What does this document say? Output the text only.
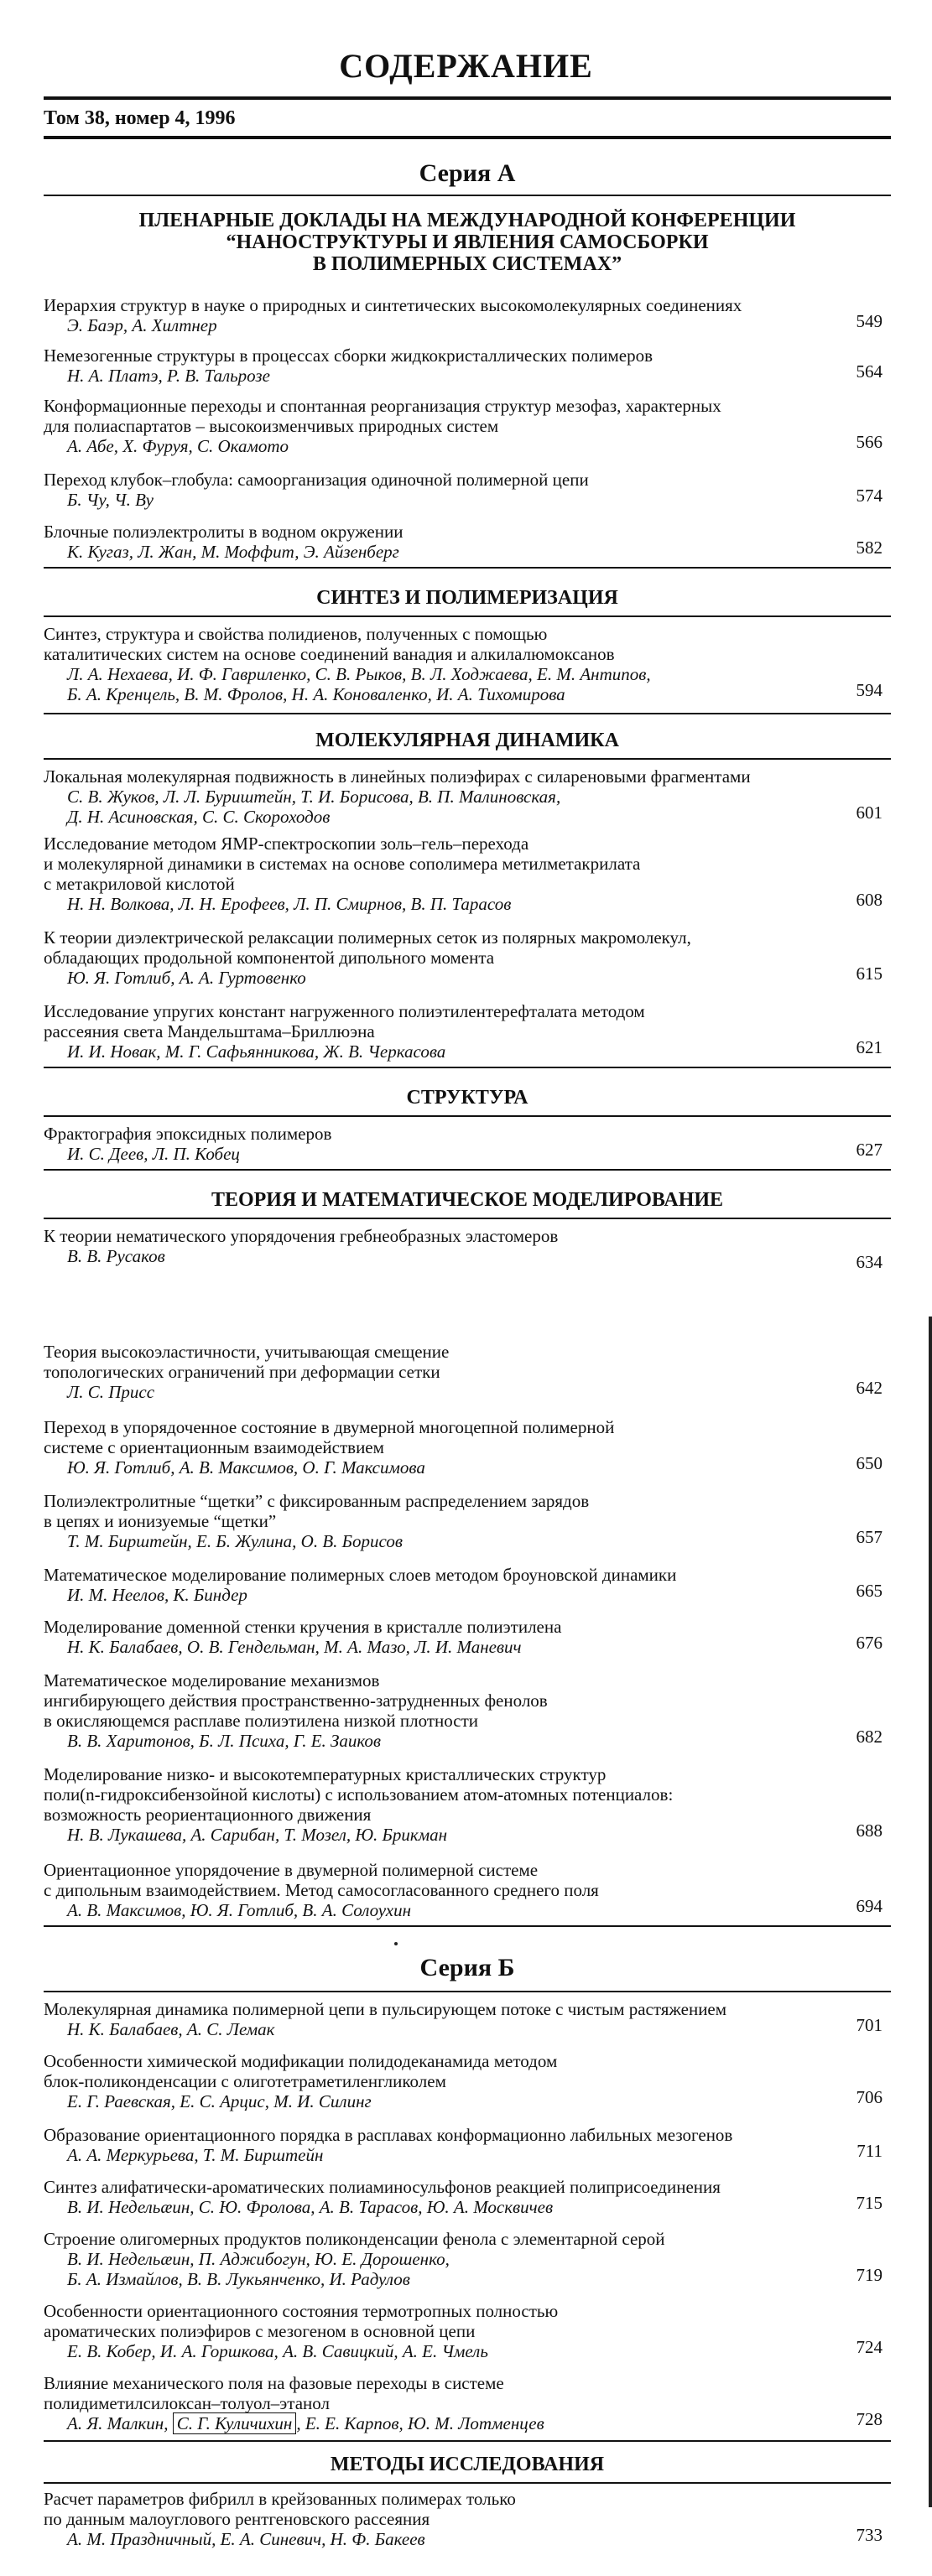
СОДЕРЖАНИЕ
Том 38, номер 4, 1996
Серия А
ПЛЕНАРНЫЕ ДОКЛАДЫ НА МЕЖДУНАРОДНОЙ КОНФЕРЕНЦИИ
“НАНОСТРУКТУРЫ И ЯВЛЕНИЯ САМОСБОРКИ
В ПОЛИМЕРНЫХ СИСТЕМАХ”
Иерархия структур в науке о природных и синтетических высокомолекулярных соединениях
Э. Баэр, А. Хилтнер	549
Немезогенные структуры в процессах сборки жидкокристаллических полимеров
Н. А. Платэ, Р. В. Тальрозе	564
Конформационные переходы и спонтанная реорганизация структур мезофаз, характерных
для полиаспартатов – высокоизменчивых природных систем
А. Абе, Х. Фуруя, С. Окамото	566
Переход клубок–глобула: самоорганизация одиночной полимерной цепи
Б. Чу, Ч. Ву	574
Блочные полиэлектролиты в водном окружении
К. Кугаз, Л. Жан, М. Моффит, Э. Айзенберг	582
СИНТЕЗ И ПОЛИМЕРИЗАЦИЯ
Синтез, структура и свойства полидиенов, полученных с помощью
каталитических систем на основе соединений ванадия и алкилалюмоксанов
Л. А. Нехаева, И. Ф. Гавриленко, С. В. Рыков, В. Л. Ходжаева, Е. М. Антипов,
Б. А. Кренцель, В. М. Фролов, Н. А. Коноваленко, И. А. Тихомирова	594
МОЛЕКУЛЯРНАЯ ДИНАМИКА
Локальная молекулярная подвижность в линейных полиэфирах с силареновыми фрагментами
С. В. Жуков, Л. Л. Буриштейн, Т. И. Борисова, В. П. Малиновская,
Д. Н. Асиновская, С. С. Скороходов	601
Исследование методом ЯМР-спектроскопии золь–гель–перехода
и молекулярной динамики в системах на основе сополимера метилметакрилата
с метакриловой кислотой
Н. Н. Волкова, Л. Н. Ерофеев, Л. П. Смирнов, В. П. Тарасов	608
К теории диэлектрической релаксации полимерных сеток из полярных макромолекул,
обладающих продольной компонентой дипольного момента
Ю. Я. Готлиб, А. А. Гуртовенко	615
Исследование упругих констант нагруженного полиэтилентерефталата методом
рассеяния света Мандельштама–Бриллюэна
И. И. Новак, М. Г. Сафьянникова, Ж. В. Черкасова	621
СТРУКТУРА
Фрактография эпоксидных полимеров
И. С. Деев, Л. П. Кобец	627
ТЕОРИЯ И МАТЕМАТИЧЕСКОЕ МОДЕЛИРОВАНИЕ
К теории нематического упорядочения гребнеобразных эластомеров
В. В. Русаков	634
Теория высокоэластичности, учитывающая смещение
топологических ограничений при деформации сетки
Л. С. Присс	642
Переход в упорядоченное состояние в двумерной многоцепной полимерной
системе с ориентационным взаимодействием
Ю. Я. Готлиб, А. В. Максимов, О. Г. Максимова	650
Полиэлектролитные “щетки” с фиксированным распределением зарядов
в цепях и ионизуемые “щетки”
Т. М. Бирштейн, Е. Б. Жулина, О. В. Борисов	657
Математическое моделирование полимерных слоев методом броуновской динамики
И. М. Неелов, К. Биндер	665
Моделирование доменной стенки кручения в кристалле полиэтилена
Н. К. Балабаев, О. В. Гендельман, М. А. Мазо, Л. И. Маневич	676
Математическое моделирование механизмов
ингибирующего действия пространственно-затрудненных фенолов
в окисляющемся расплаве полиэтилена низкой плотности
В. В. Харитонов, Б. Л. Психа, Г. Е. Заиков	682
Моделирование низко- и высокотемпературных кристаллических структур
поли(n-гидроксибензойной кислоты) с использованием атом-атомных потенциалов:
возможность реориентационного движения
Н. В. Лукашева, А. Сарибан, Т. Мозел, Ю. Брикман	688
Ориентационное упорядочение в двумерной полимерной системе
с дипольным взаимодействием. Метод самосогласованного среднего поля
А. В. Максимов, Ю. Я. Готлиб, В. А. Солоухин	694
Серия Б
Молекулярная динамика полимерной цепи в пульсирующем потоке с чистым растяжением
Н. К. Балабаев, А. С. Лемак	701
Особенности химической модификации полидодеканамида методом
блок-поликонденсации с олиготетраметиленгликолем
Е. Г. Раевская, Е. С. Арцис, М. И. Силинг	706
Образование ориентационного порядка в расплавах конформационно лабильных мезогенов
А. А. Меркурьева, Т. М. Бирштейн	711
Синтез алифатически-ароматических полиаминосульфонов реакцией полиприсоединения
В. И. Недельæин, С. Ю. Фролова, А. В. Тарасов, Ю. А. Москвичев	715
Строение олигомерных продуктов поликонденсации фенола с элементарной серой
В. И. Недельæин, П. Аджибогун, Ю. Е. Дорошенко,
Б. А. Измайлов, В. В. Лукьянченко, И. Радулов	719
Особенности ориентационного состояния термотропных полностью
ароматических полиэфиров с мезогеном в основной цепи
Е. В. Кобер, И. А. Горшкова, А. В. Савицкий, А. Е. Чмель	724
Влияние механического поля на фазовые переходы в системе
полидиметилсилоксан–толуол–этанол
А. Я. Малкин, С. Г. Куличихин , Е. Е. Карпов, Ю. М. Лотменцев	728
МЕТОДЫ ИССЛЕДОВАНИЯ
Расчет параметров фибрилл в крейзованных полимерах только
по данным малоуглового рентгеновского рассеяния
А. М. Праздничный, Е. А. Синевич, Н. Ф. Бакеев	733
